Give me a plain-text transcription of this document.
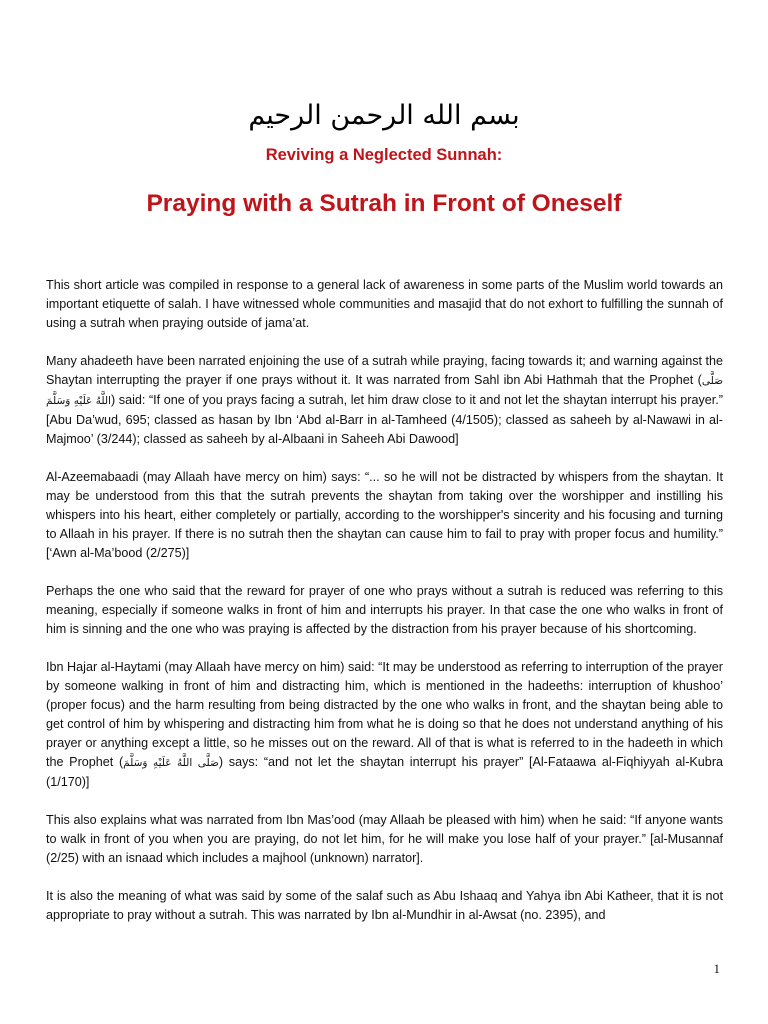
بسم الله الرحمن الرحيم
Reviving a Neglected Sunnah:
Praying with a Sutrah in Front of Oneself

This short article was compiled in response to a general lack of awareness in some parts of the Muslim world towards an important etiquette of salah. I have witnessed whole communities and masajid that do not exhort to fulfilling the sunnah of using a sutrah when praying outside of jama’at.

Many ahadeeth have been narrated enjoining the use of a sutrah while praying, facing towards it; and warning against the Shaytan interrupting the prayer if one prays without it. It was narrated from Sahl ibn Abi Hathmah that the Prophet (صَلَّى اللَّهُ عَلَيْهِ وَسَلَّمَ) said: “If one of you prays facing a sutrah, let him draw close to it and not let the shaytan interrupt his prayer.” [Abu Da’wud, 695; classed as hasan by Ibn ‘Abd al-Barr in al-Tamheed (4/1505); classed as saheeh by al-Nawawi in al-Majmoo’ (3/244); classed as saheeh by al-Albaani in Saheeh Abi Dawood]

Al-Azeemabaadi (may Allaah have mercy on him) says: “... so he will not be distracted by whispers from the shaytan. It may be understood from this that the sutrah prevents the shaytan from taking over the worshipper and instilling his whispers into his heart, either completely or partially, according to the worshipper's sincerity and his focusing and turning to Allaah in his prayer. If there is no sutrah then the shaytan can cause him to fail to pray with proper focus and humility.” [‘Awn al-Ma’bood (2/275)]

Perhaps the one who said that the reward for prayer of one who prays without a sutrah is reduced was referring to this meaning, especially if someone walks in front of him and interrupts his prayer. In that case the one who walks in front of him is sinning and the one who was praying is affected by the distraction from his prayer because of his shortcoming.

Ibn Hajar al-Haytami (may Allaah have mercy on him) said: “It may be understood as referring to interruption of the prayer by someone walking in front of him and distracting him, which is mentioned in the hadeeths: interruption of khushoo’ (proper focus) and the harm resulting from being distracted by the one who walks in front, and the shaytan being able to get control of him by whispering and distracting him from what he is doing so that he does not understand anything of his prayer or anything except a little, so he misses out on the reward. All of that is what is referred to in the hadeeth in which the Prophet (صَلَّى اللَّهُ عَلَيْهِ وَسَلَّمَ) says: “and not let the shaytan interrupt his prayer” [Al-Fataawa al-Fiqhiyyah al-Kubra (1/170)]

This also explains what was narrated from Ibn Mas’ood (may Allaah be pleased with him) when he said: “If anyone wants to walk in front of you when you are praying, do not let him, for he will make you lose half of your prayer.” [al-Musannaf (2/25) with an isnaad which includes a majhool (unknown) narrator].

It is also the meaning of what was said by some of the salaf such as Abu Ishaaq and Yahya ibn Abi Katheer, that it is not appropriate to pray without a sutrah. This was narrated by Ibn al-Mundhir in al-Awsat (no. 2395), and

1
